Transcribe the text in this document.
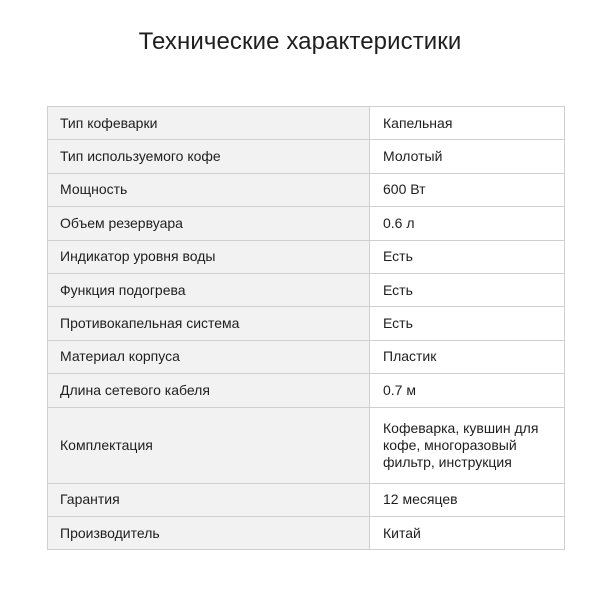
Технические характеристики
Тип кофеварки	Капельная
Тип используемого кофе	Молотый
Мощность	600 Вт
Объем резервуара	0.6 л
Индикатор уровня воды	Есть
Функция подогрева	Есть
Противокапельная система	Есть
Материал корпуса	Пластик
Длина сетевого кабеля	0.7 м
Комплектация	Кофеварка, кувшин для кофе, многоразовый фильтр, инструкция
Гарантия	12 месяцев
Производитель	Китай
